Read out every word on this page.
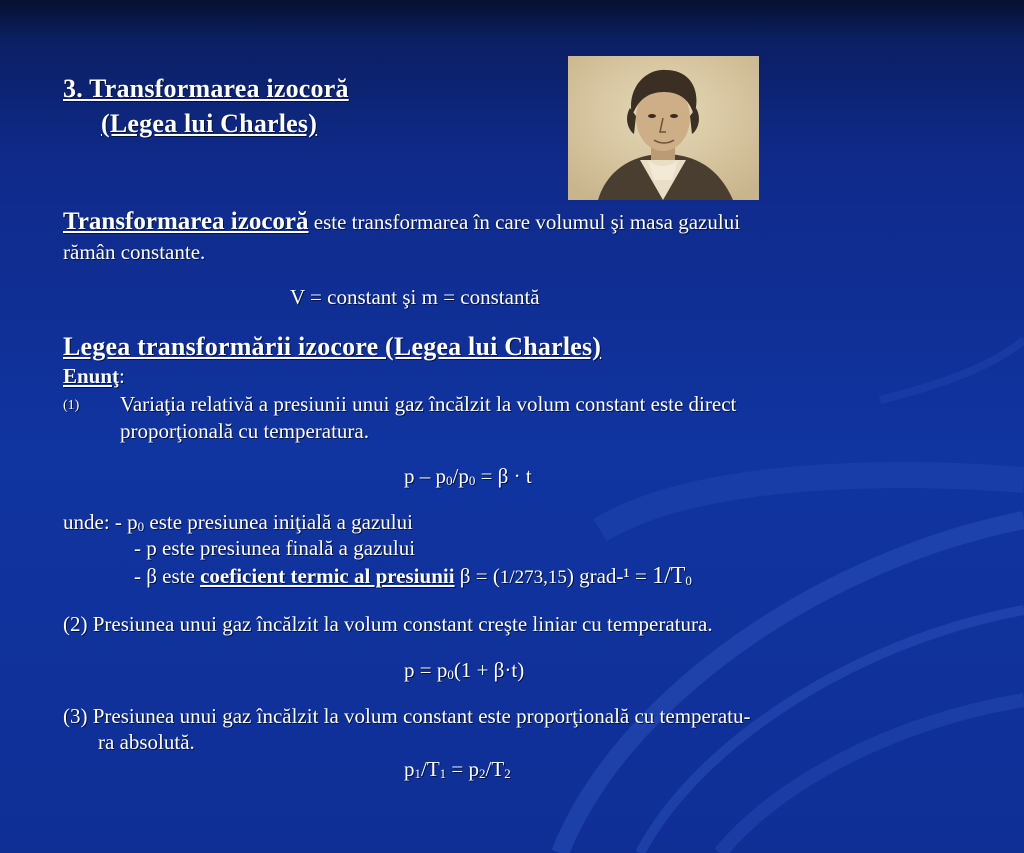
3. Transformarea izocoră
(Legea lui Charles)
Transformarea izocoră este transformarea în care volumul şi masa gazului
rămân constante.
V = constant şi m = constantă
Legea transformării izocore (Legea lui Charles)
Enunţ:
(1) Variaţia relativă a presiunii unui gaz încălzit la volum constant este direct
proporţională cu temperatura.
$p - p_0/p_0 = \beta \cdot t$
unde: - $p_0$ este presiunea iniţială a gazului
- p este presiunea finală a gazului
- β este coeficient termic al presiunii β = (1/273,15) grad-¹ = $1/T_0$
(2) Presiunea unui gaz încălzit la volum constant creşte liniar cu temperatura.
$p = p_0(1 + \beta\cdot t)$
(3) Presiunea unui gaz încălzit la volum constant este proporţională cu temperatu-
ra absolută.
$p_1/T_1 = p_2/T_2$
